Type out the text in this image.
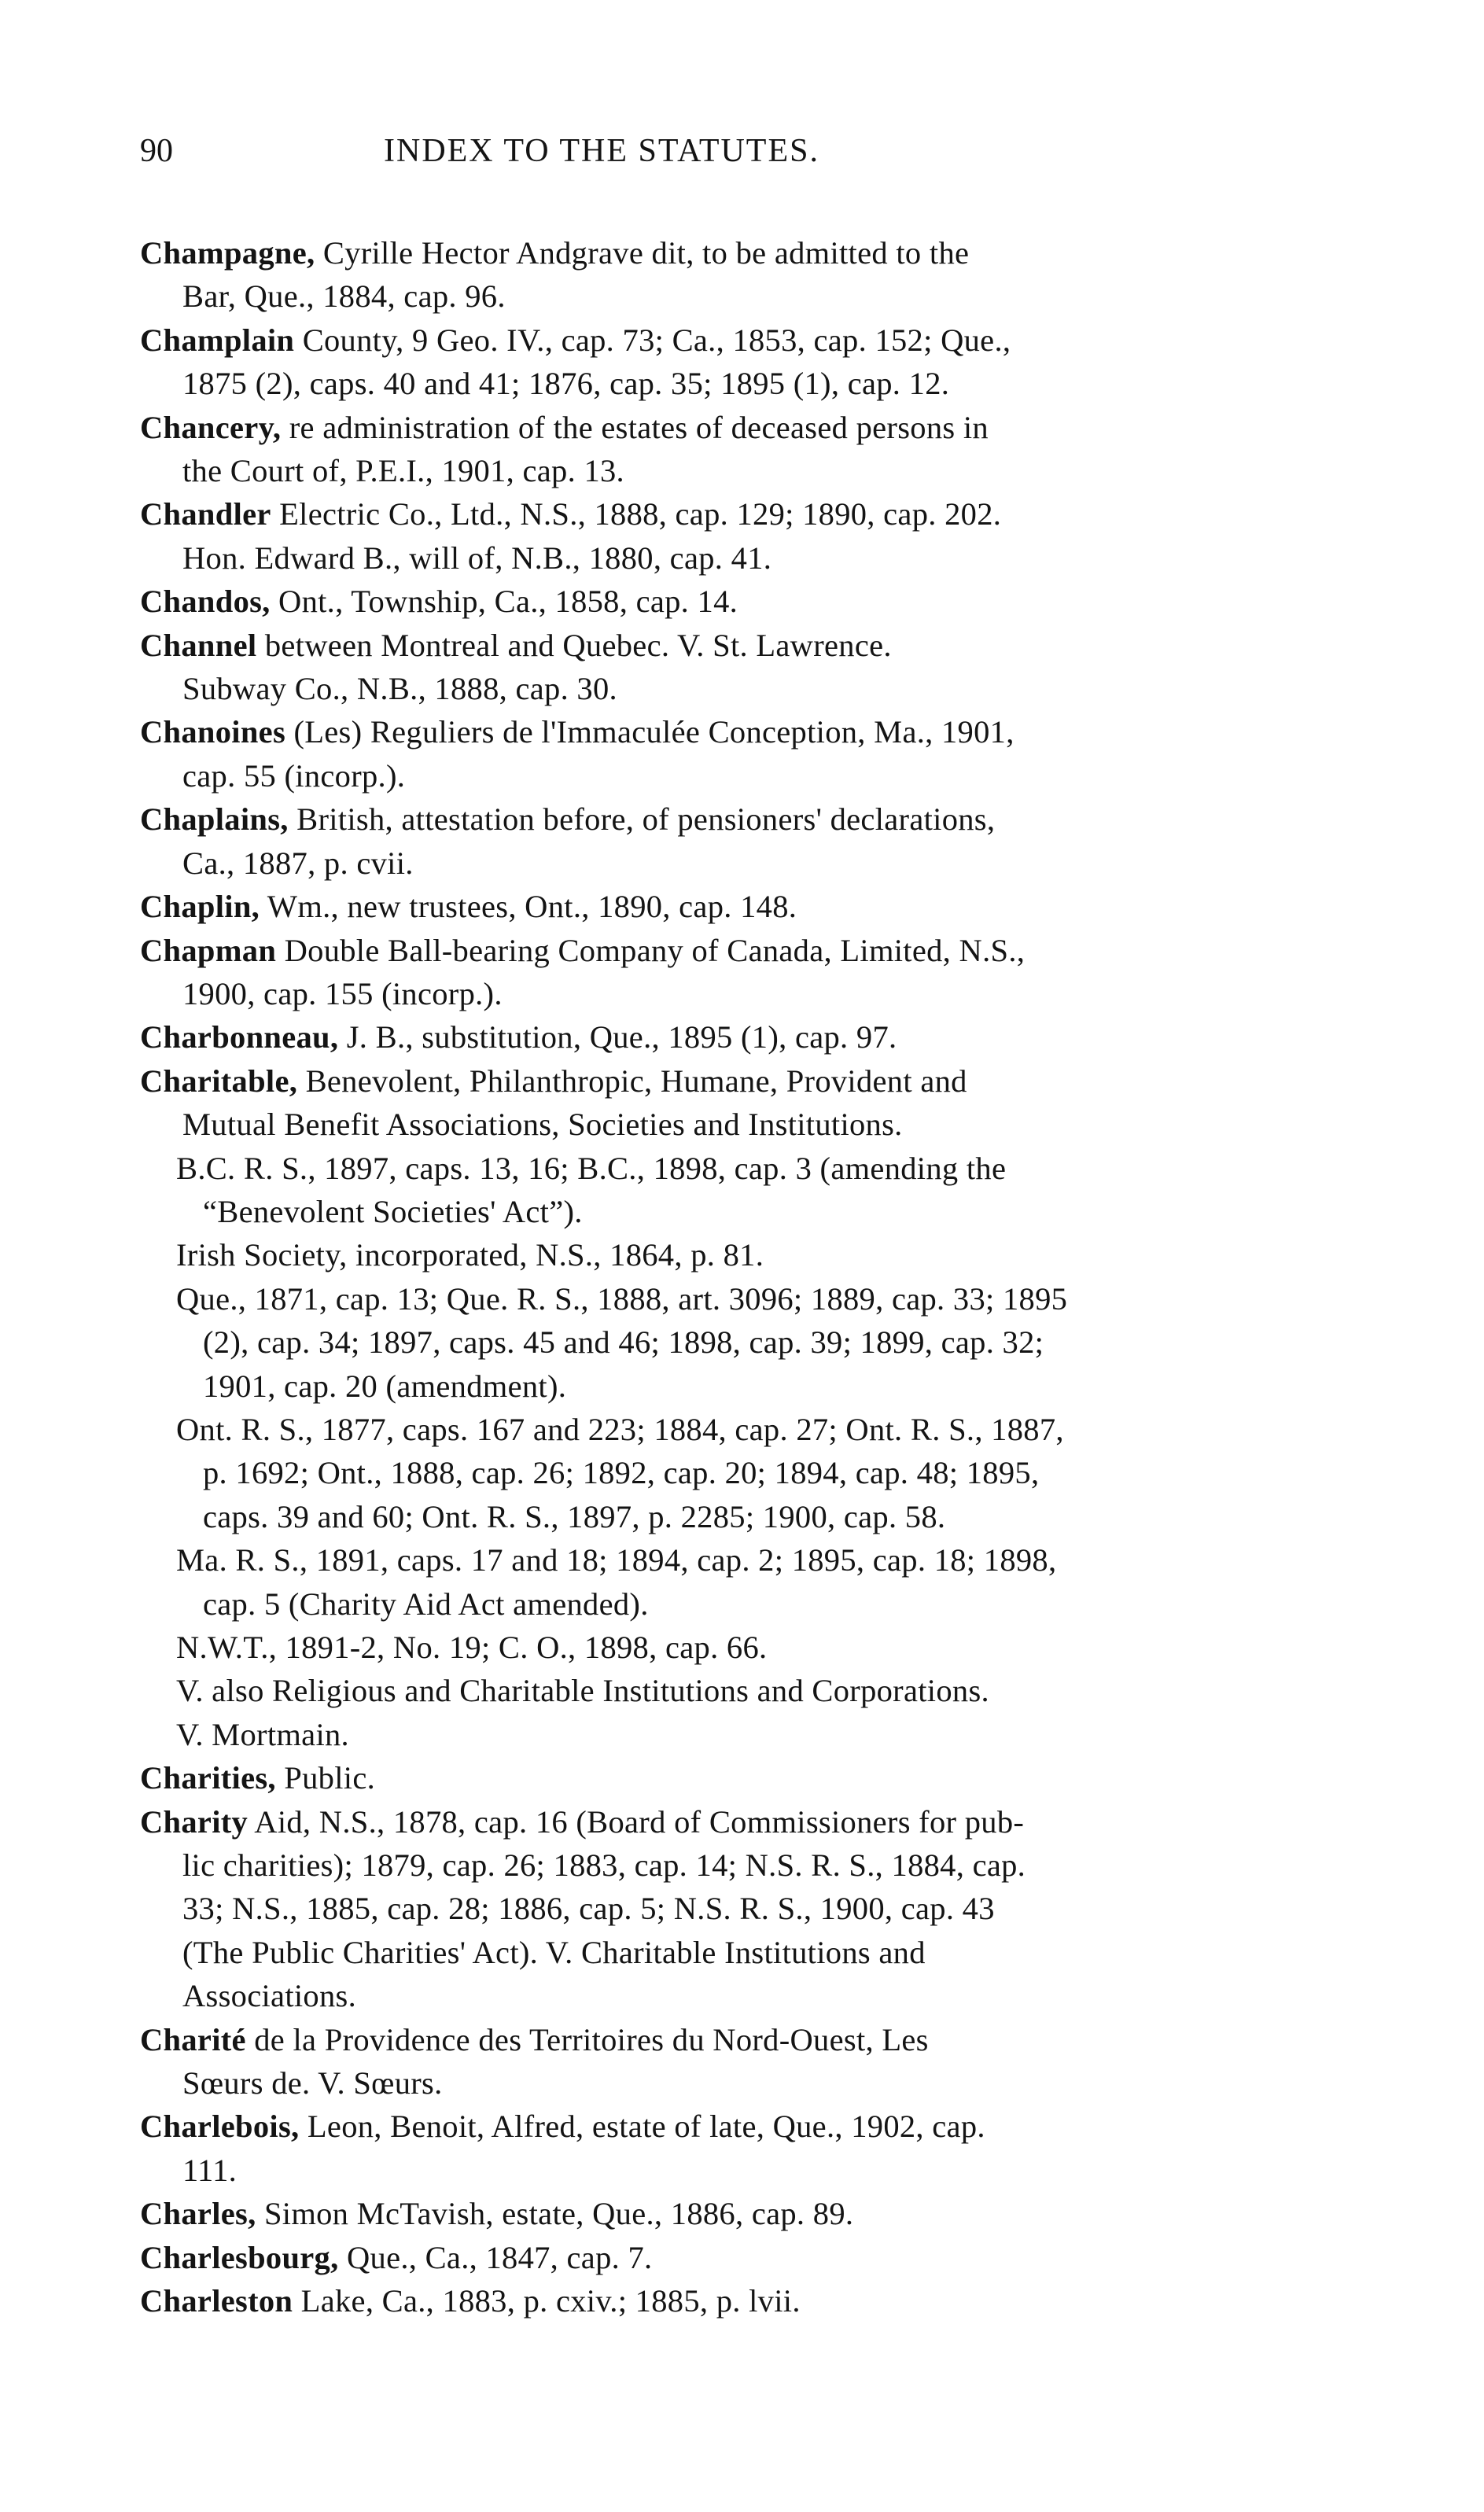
90	INDEX TO THE STATUTES.
Champagne, Cyrille Hector Andgrave dit, to be admitted to the
Bar, Que., 1884, cap. 96.
Champlain County, 9 Geo. IV., cap. 73; Ca., 1853, cap. 152; Que.,
1875 (2), caps. 40 and 41; 1876, cap. 35; 1895 (1), cap. 12.
Chancery, re administration of the estates of deceased persons in
the Court of, P.E.I., 1901, cap. 13.
Chandler Electric Co., Ltd., N.S., 1888, cap. 129; 1890, cap. 202.
Hon. Edward B., will of, N.B., 1880, cap. 41.
Chandos, Ont., Township, Ca., 1858, cap. 14.
Channel between Montreal and Quebec. V. St. Lawrence.
Subway Co., N.B., 1888, cap. 30.
Chanoines (Les) Reguliers de l'Immaculée Conception, Ma., 1901,
cap. 55 (incorp.).
Chaplains, British, attestation before, of pensioners' declarations,
Ca., 1887, p. cvii.
Chaplin, Wm., new trustees, Ont., 1890, cap. 148.
Chapman Double Ball-bearing Company of Canada, Limited, N.S.,
1900, cap. 155 (incorp.).
Charbonneau, J. B., substitution, Que., 1895 (1), cap. 97.
Charitable, Benevolent, Philanthropic, Humane, Provident and
Mutual Benefit Associations, Societies and Institutions.
B.C. R. S., 1897, caps. 13, 16; B.C., 1898, cap. 3 (amending the
“Benevolent Societies' Act”).
Irish Society, incorporated, N.S., 1864, p. 81.
Que., 1871, cap. 13; Que. R. S., 1888, art. 3096; 1889, cap. 33; 1895
(2), cap. 34; 1897, caps. 45 and 46; 1898, cap. 39; 1899, cap. 32;
1901, cap. 20 (amendment).
Ont. R. S., 1877, caps. 167 and 223; 1884, cap. 27; Ont. R. S., 1887,
p. 1692; Ont., 1888, cap. 26; 1892, cap. 20; 1894, cap. 48; 1895,
caps. 39 and 60; Ont. R. S., 1897, p. 2285; 1900, cap. 58.
Ma. R. S., 1891, caps. 17 and 18; 1894, cap. 2; 1895, cap. 18; 1898,
cap. 5 (Charity Aid Act amended).
N.W.T., 1891-2, No. 19; C. O., 1898, cap. 66.
V. also Religious and Charitable Institutions and Corporations.
V. Mortmain.
Charities, Public.
Charity Aid, N.S., 1878, cap. 16 (Board of Commissioners for pub-
lic charities); 1879, cap. 26; 1883, cap. 14; N.S. R. S., 1884, cap.
33; N.S., 1885, cap. 28; 1886, cap. 5; N.S. R. S., 1900, cap. 43
(The Public Charities' Act). V. Charitable Institutions and
Associations.
Charité de la Providence des Territoires du Nord-Ouest, Les
Sœurs de. V. Sœurs.
Charlebois, Leon, Benoit, Alfred, estate of late, Que., 1902, cap.
111.
Charles, Simon McTavish, estate, Que., 1886, cap. 89.
Charlesbourg, Que., Ca., 1847, cap. 7.
Charleston Lake, Ca., 1883, p. cxiv.; 1885, p. lvii.
